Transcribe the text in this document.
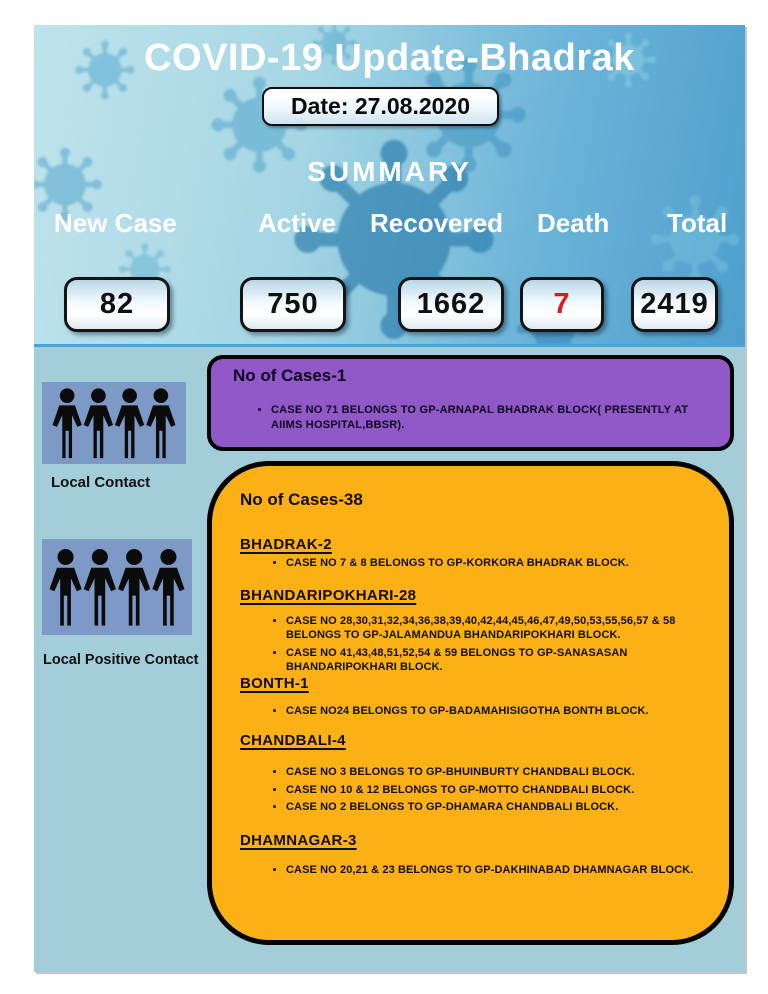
COVID-19 Update-Bhadrak
Date: 27.08.2020
SUMMARY
New Case	Active Recovered Death Total
82	750	1662 7 2419
Local Contact
Local Positive Contact
No of Cases-1
• CASE NO 71 BELONGS TO GP-ARNAPAL BHADRAK BLOCK( PRESENTLY AT AIIMS HOSPITAL,BBSR).
No of Cases-38
BHADRAK-2
• CASE NO 7 & 8 BELONGS TO GP-KORKORA BHADRAK BLOCK.
BHANDARIPOKHARI-28
• CASE NO 28,30,31,32,34,36,38,39,40,42,44,45,46,47,49,50,53,55,56,57 & 58 BELONGS TO GP-JALAMANDUA BHANDARIPOKHARI BLOCK.
• CASE NO 41,43,48,51,52,54 & 59 BELONGS TO GP-SANASASAN BHANDARIPOKHARI BLOCK.
BONTH-1
• CASE NO24 BELONGS TO GP-BADAMAHISIGOTHA BONTH BLOCK.
CHANDBALI-4
• CASE NO 3 BELONGS TO GP-BHUINBURTY CHANDBALI BLOCK.
• CASE NO 10 & 12 BELONGS TO GP-MOTTO CHANDBALI BLOCK.
• CASE NO 2 BELONGS TO GP-DHAMARA CHANDBALI BLOCK.
DHAMNAGAR-3
• CASE NO 20,21 & 23 BELONGS TO GP-DAKHINABAD DHAMNAGAR BLOCK.
